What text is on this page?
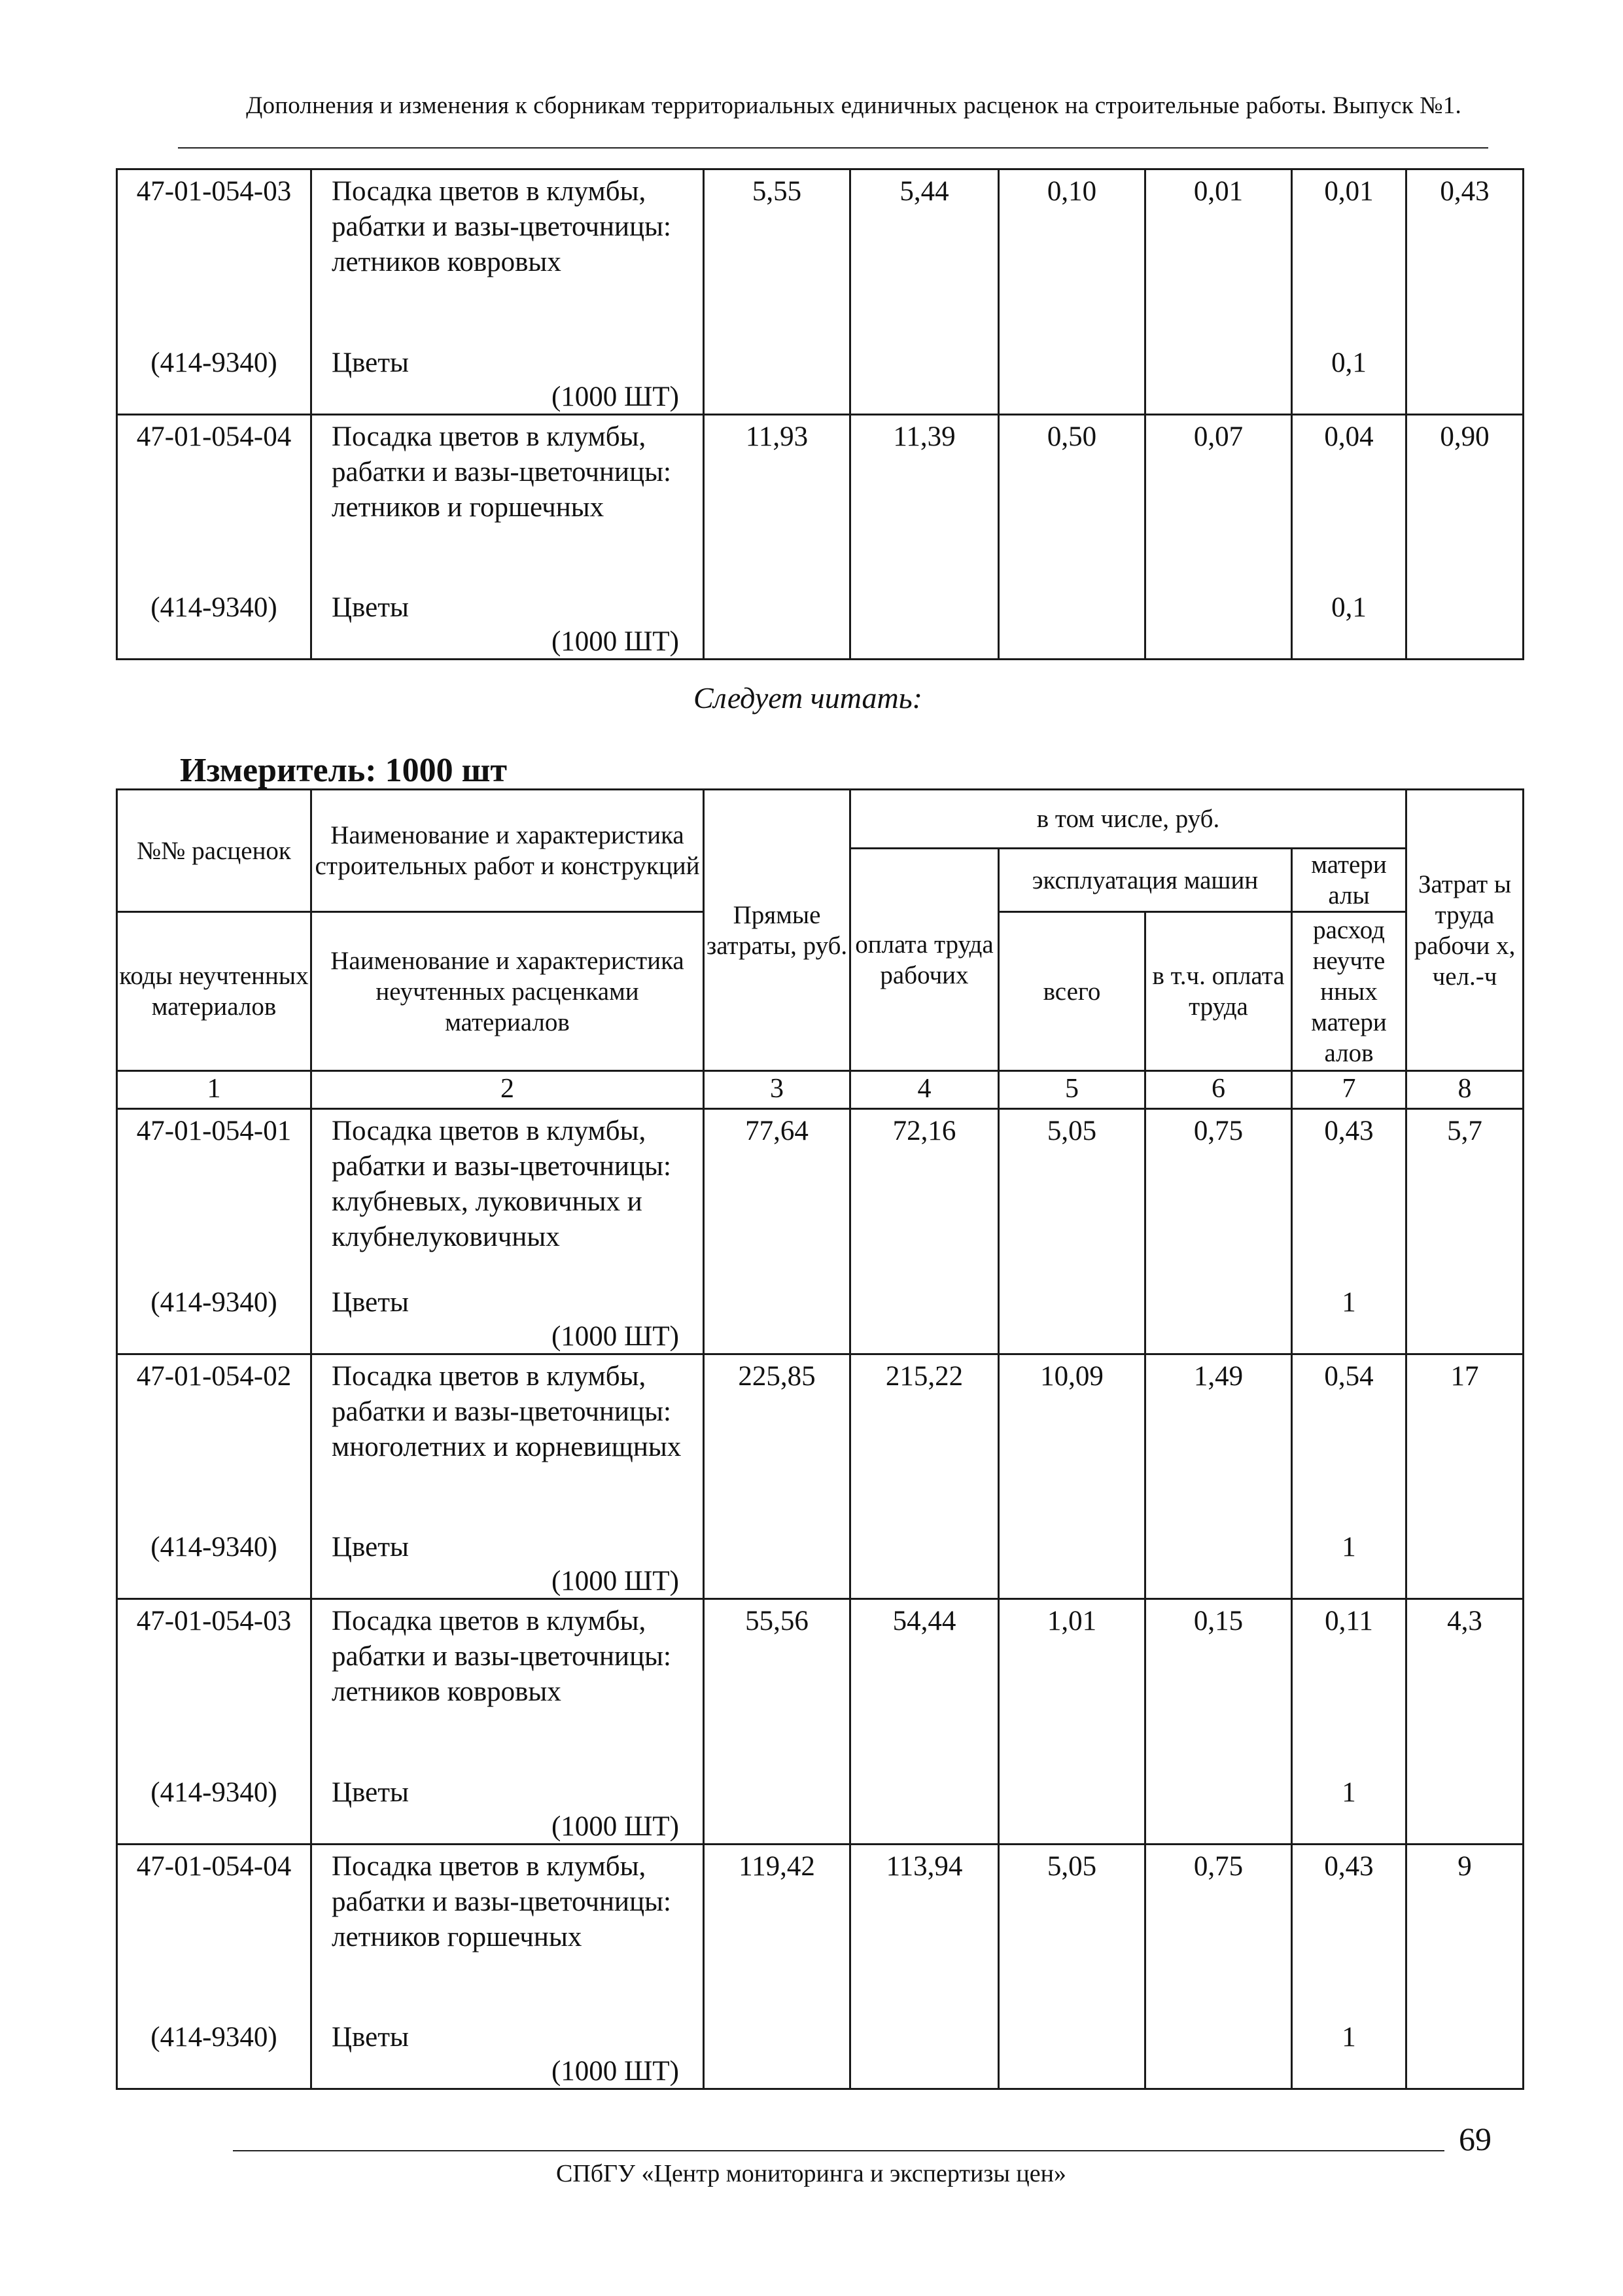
Дополнения и изменения к сборникам территориальных единичных расценок на строительные работы. Выпуск №1.
47-01-054-03	Посадка цветов в клумбы, рабатки и вазы-цветочницы: летников ковровых	5,55	5,44	0,10	0,01	0,01	0,43
(414-9340)	Цветы
(1000 ШТ)					0,1	
47-01-054-04	Посадка цветов в клумбы, рабатки и вазы-цветочницы: летников и горшечных	11,93	11,39	0,50	0,07	0,04	0,90
(414-9340)	Цветы
(1000 ШТ)					0,1	
Следует читать:
Измеритель: 1000 шт
№№ расценок	Наименование и характеристика строительных работ и конструкций	Прямые затраты, руб.	в том числе, руб.				Затрат ы труда рабочи х, чел.-ч
			оплата труда рабочих	эксплуатация машин		матери алы	
коды неучтенных материалов	Наименование и характеристика неучтенных расценками материалов			всего	в т.ч. оплата труда	расход неучте нных матери алов	
1	2	3	4	5	6	7	8
47-01-054-01	Посадка цветов в клумбы, рабатки и вазы-цветочницы: клубневых, луковичных и клубнелуковичных	77,64	72,16	5,05	0,75	0,43	5,7
(414-9340)	Цветы
(1000 ШТ)					1	
47-01-054-02	Посадка цветов в клумбы, рабатки и вазы-цветочницы: многолетних и корневищных	225,85	215,22	10,09	1,49	0,54	17
(414-9340)	Цветы
(1000 ШТ)					1	
47-01-054-03	Посадка цветов в клумбы, рабатки и вазы-цветочницы: летников ковровых	55,56	54,44	1,01	0,15	0,11	4,3
(414-9340)	Цветы
(1000 ШТ)					1	
47-01-054-04	Посадка цветов в клумбы, рабатки и вазы-цветочницы: летников горшечных	119,42	113,94	5,05	0,75	0,43	9
(414-9340)	Цветы
(1000 ШТ)					1	
69
СПбГУ «Центр мониторинга и экспертизы цен»
